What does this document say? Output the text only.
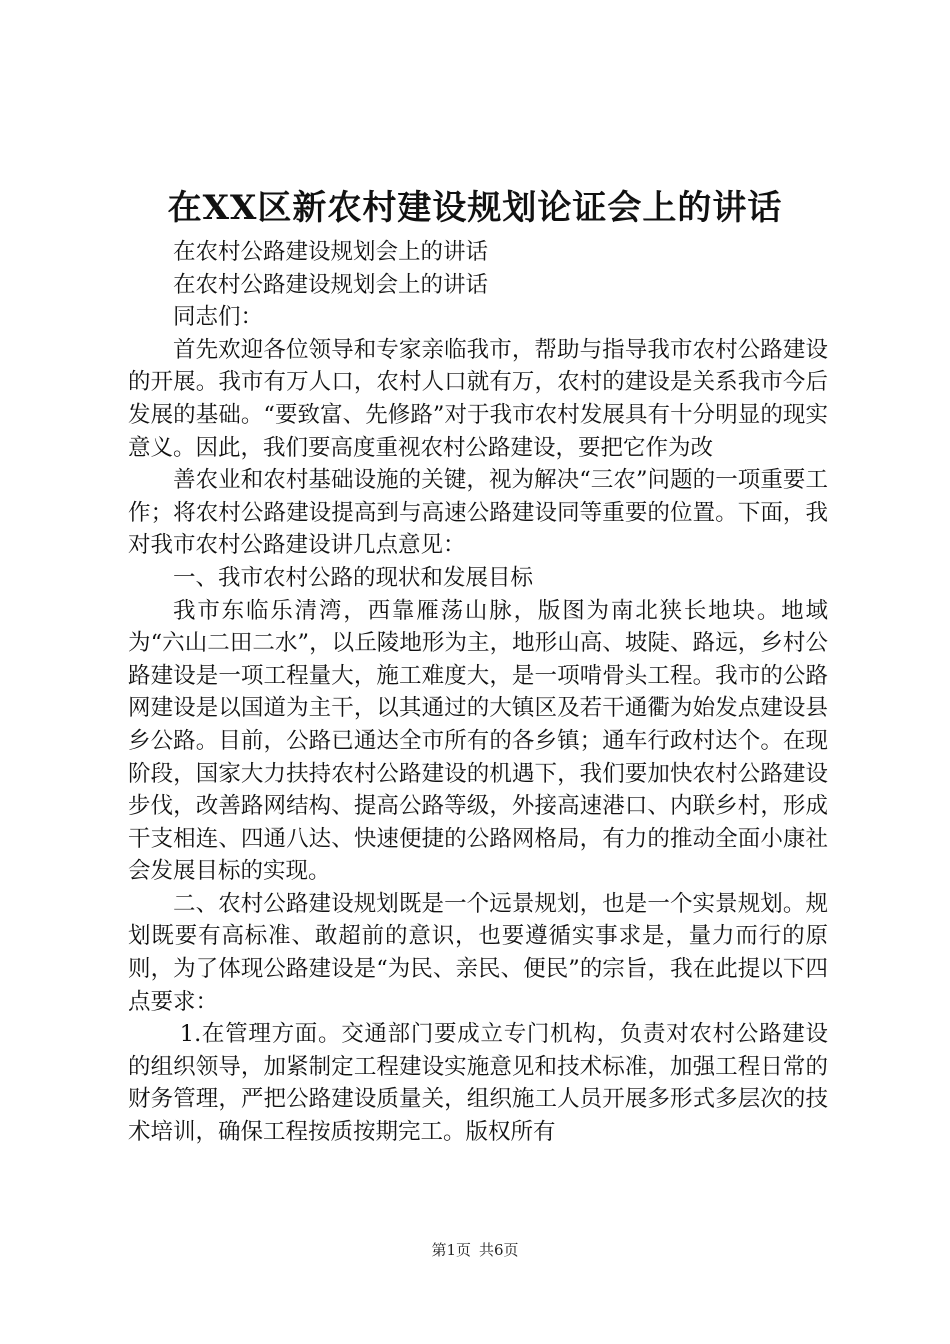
在XX区新农村建设规划论证会上的讲话

在农村公路建设规划会上的讲话

在农村公路建设规划会上的讲话

同志们：

首先欢迎各位领导和专家亲临我市，帮助与指导我市农村公路建设的开展。我市有万人口，农村人口就有万，农村的建设是关系我市今后发展的基础。“要致富、先修路”对于我市农村发展具有十分明显的现实意义。因此，我们要高度重视农村公路建设，要把它作为改

善农业和农村基础设施的关键，视为解决“三农”问题的一项重要工作；将农村公路建设提高到与高速公路建设同等重要的位置。下面，我对我市农村公路建设讲几点意见：

一、我市农村公路的现状和发展目标

我市东临乐清湾，西靠雁荡山脉，版图为南北狭长地块。地域为“六山二田二水”，以丘陵地形为主，地形山高、坡陡、路远，乡村公路建设是一项工程量大，施工难度大，是一项啃骨头工程。我市的公路网建设是以国道为主干，以其通过的大镇区及若干通衢为始发点建设县乡公路。目前，公路已通达全市所有的各乡镇；通车行政村达个。在现阶段，国家大力扶持农村公路建设的机遇下，我们要加快农村公路建设步伐，改善路网结构、提高公路等级，外接高速港口、内联乡村，形成干支相连、四通八达、快速便捷的公路网格局，有力的推动全面小康社会发展目标的实现。

二、农村公路建设规划既是一个远景规划，也是一个实景规划。规划既要有高标准、敢超前的意识，也要遵循实事求是，量力而行的原则，为了体现公路建设是“为民、亲民、便民”的宗旨，我在此提以下四点要求：

1.在管理方面。交通部门要成立专门机构，负责对农村公路建设的组织领导，加紧制定工程建设实施意见和技术标准，加强工程日常的财务管理，严把公路建设质量关，组织施工人员开展多形式多层次的技术培训，确保工程按质按期完工。版权所有

第1页 共6页
